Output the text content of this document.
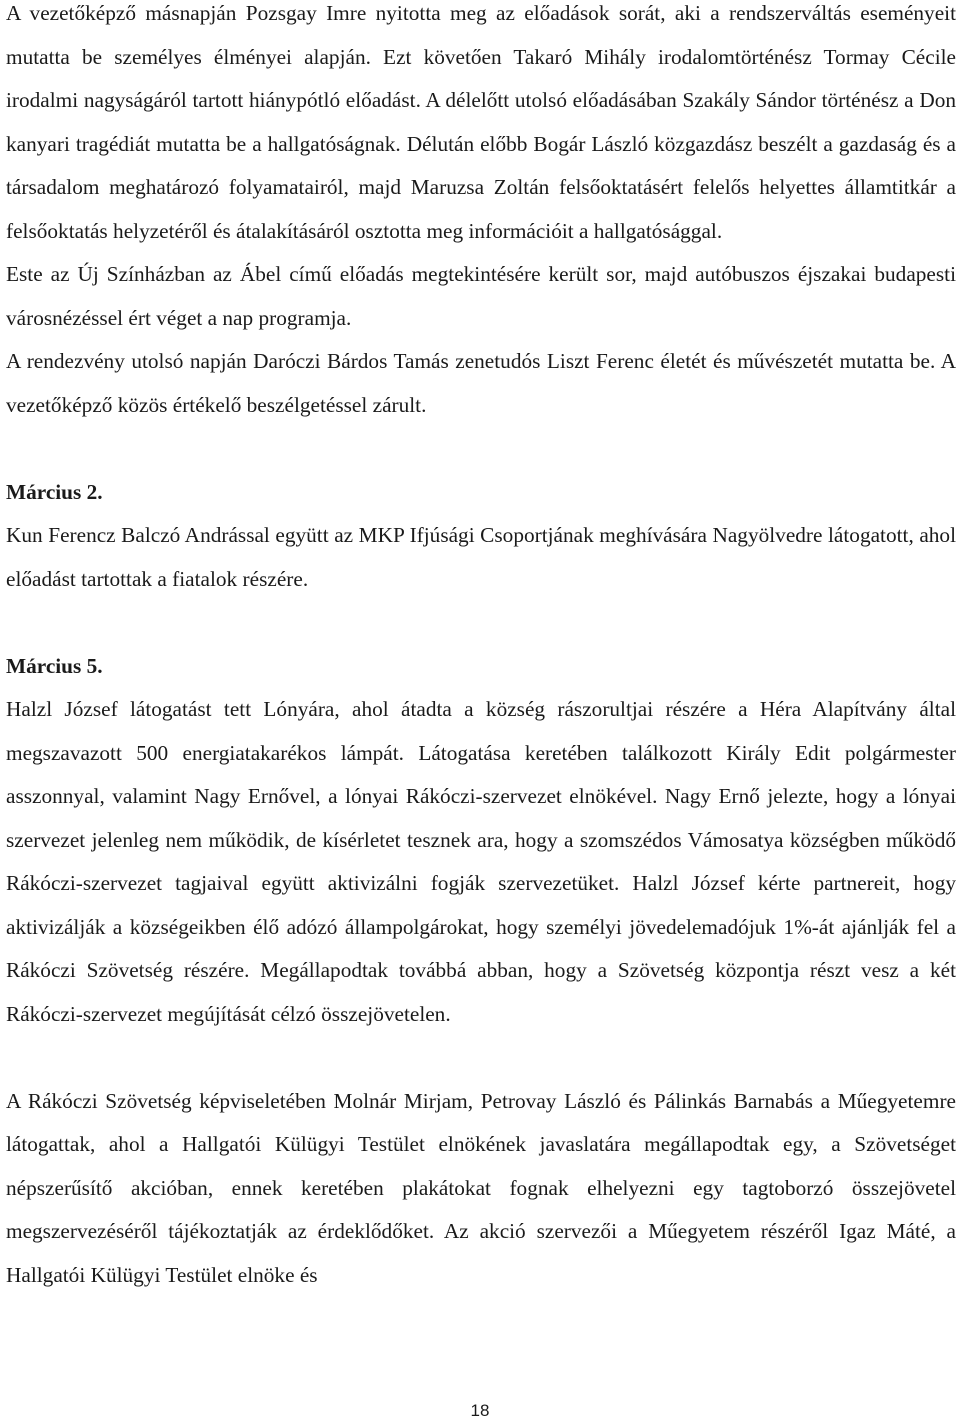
A vezetőképző másnapján Pozsgay Imre nyitotta meg az előadások sorát, aki a rendszerváltás eseményeit mutatta be személyes élményei alapján. Ezt követően Takaró Mihály irodalomtörténész Tormay Cécile irodalmi nagyságáról tartott hiánypótló előadást. A délelőtt utolsó előadásában Szakály Sándor történész a Don kanyari tragédiát mutatta be a hallgatóságnak. Délután előbb Bogár László közgazdász beszélt a gazdaság és a társadalom meghatározó folyamatairól, majd Maruzsa Zoltán felsőoktatásért felelős helyettes államtitkár a felsőoktatás helyzetéről és átalakításáról osztotta meg információit a hallgatósággal.

Este az Új Színházban az Ábel című előadás megtekintésére került sor, majd autóbuszos éjszakai budapesti városnézéssel ért véget a nap programja.

A rendezvény utolsó napján Daróczi Bárdos Tamás zenetudós Liszt Ferenc életét és művészetét mutatta be. A vezetőképző közös értékelő beszélgetéssel zárult.

Március 2.

Kun Ferencz Balczó Andrással együtt az MKP Ifjúsági Csoportjának meghívására Nagyölvedre látogatott, ahol előadást tartottak a fiatalok részére.

Március 5.

Halzl József látogatást tett Lónyára, ahol átadta a község rászorultjai részére a Héra Alapítvány által megszavazott 500 energiatakarékos lámpát. Látogatása keretében találkozott Király Edit polgármester asszonnyal, valamint Nagy Ernővel, a lónyai Rákóczi-szervezet elnökével. Nagy Ernő jelezte, hogy a lónyai szervezet jelenleg nem működik, de kísérletet tesznek ara, hogy a szomszédos Vámosatya községben működő Rákóczi-szervezet tagjaival együtt aktivizálni fogják szervezetüket. Halzl József kérte partnereit, hogy aktivizálják a községeikben élő adózó állampolgárokat, hogy személyi jövedelemadójuk 1%-át ajánlják fel a Rákóczi Szövetség részére. Megállapodtak továbbá abban, hogy a Szövetség központja részt vesz a két Rákóczi-szervezet megújítását célzó összejövetelen.

A Rákóczi Szövetség képviseletében Molnár Mirjam, Petrovay László és Pálinkás Barnabás a Műegyetemre látogattak, ahol a Hallgatói Külügyi Testület elnökének javaslatára megállapodtak egy, a Szövetséget népszerűsítő akcióban, ennek keretében plakátokat fognak elhelyezni egy tagtoborzó összejövetel megszervezéséről tájékoztatják az érdeklődőket. Az akció szervezői a Műegyetem részéről Igaz Máté, a Hallgatói Külügyi Testület elnöke és

18
